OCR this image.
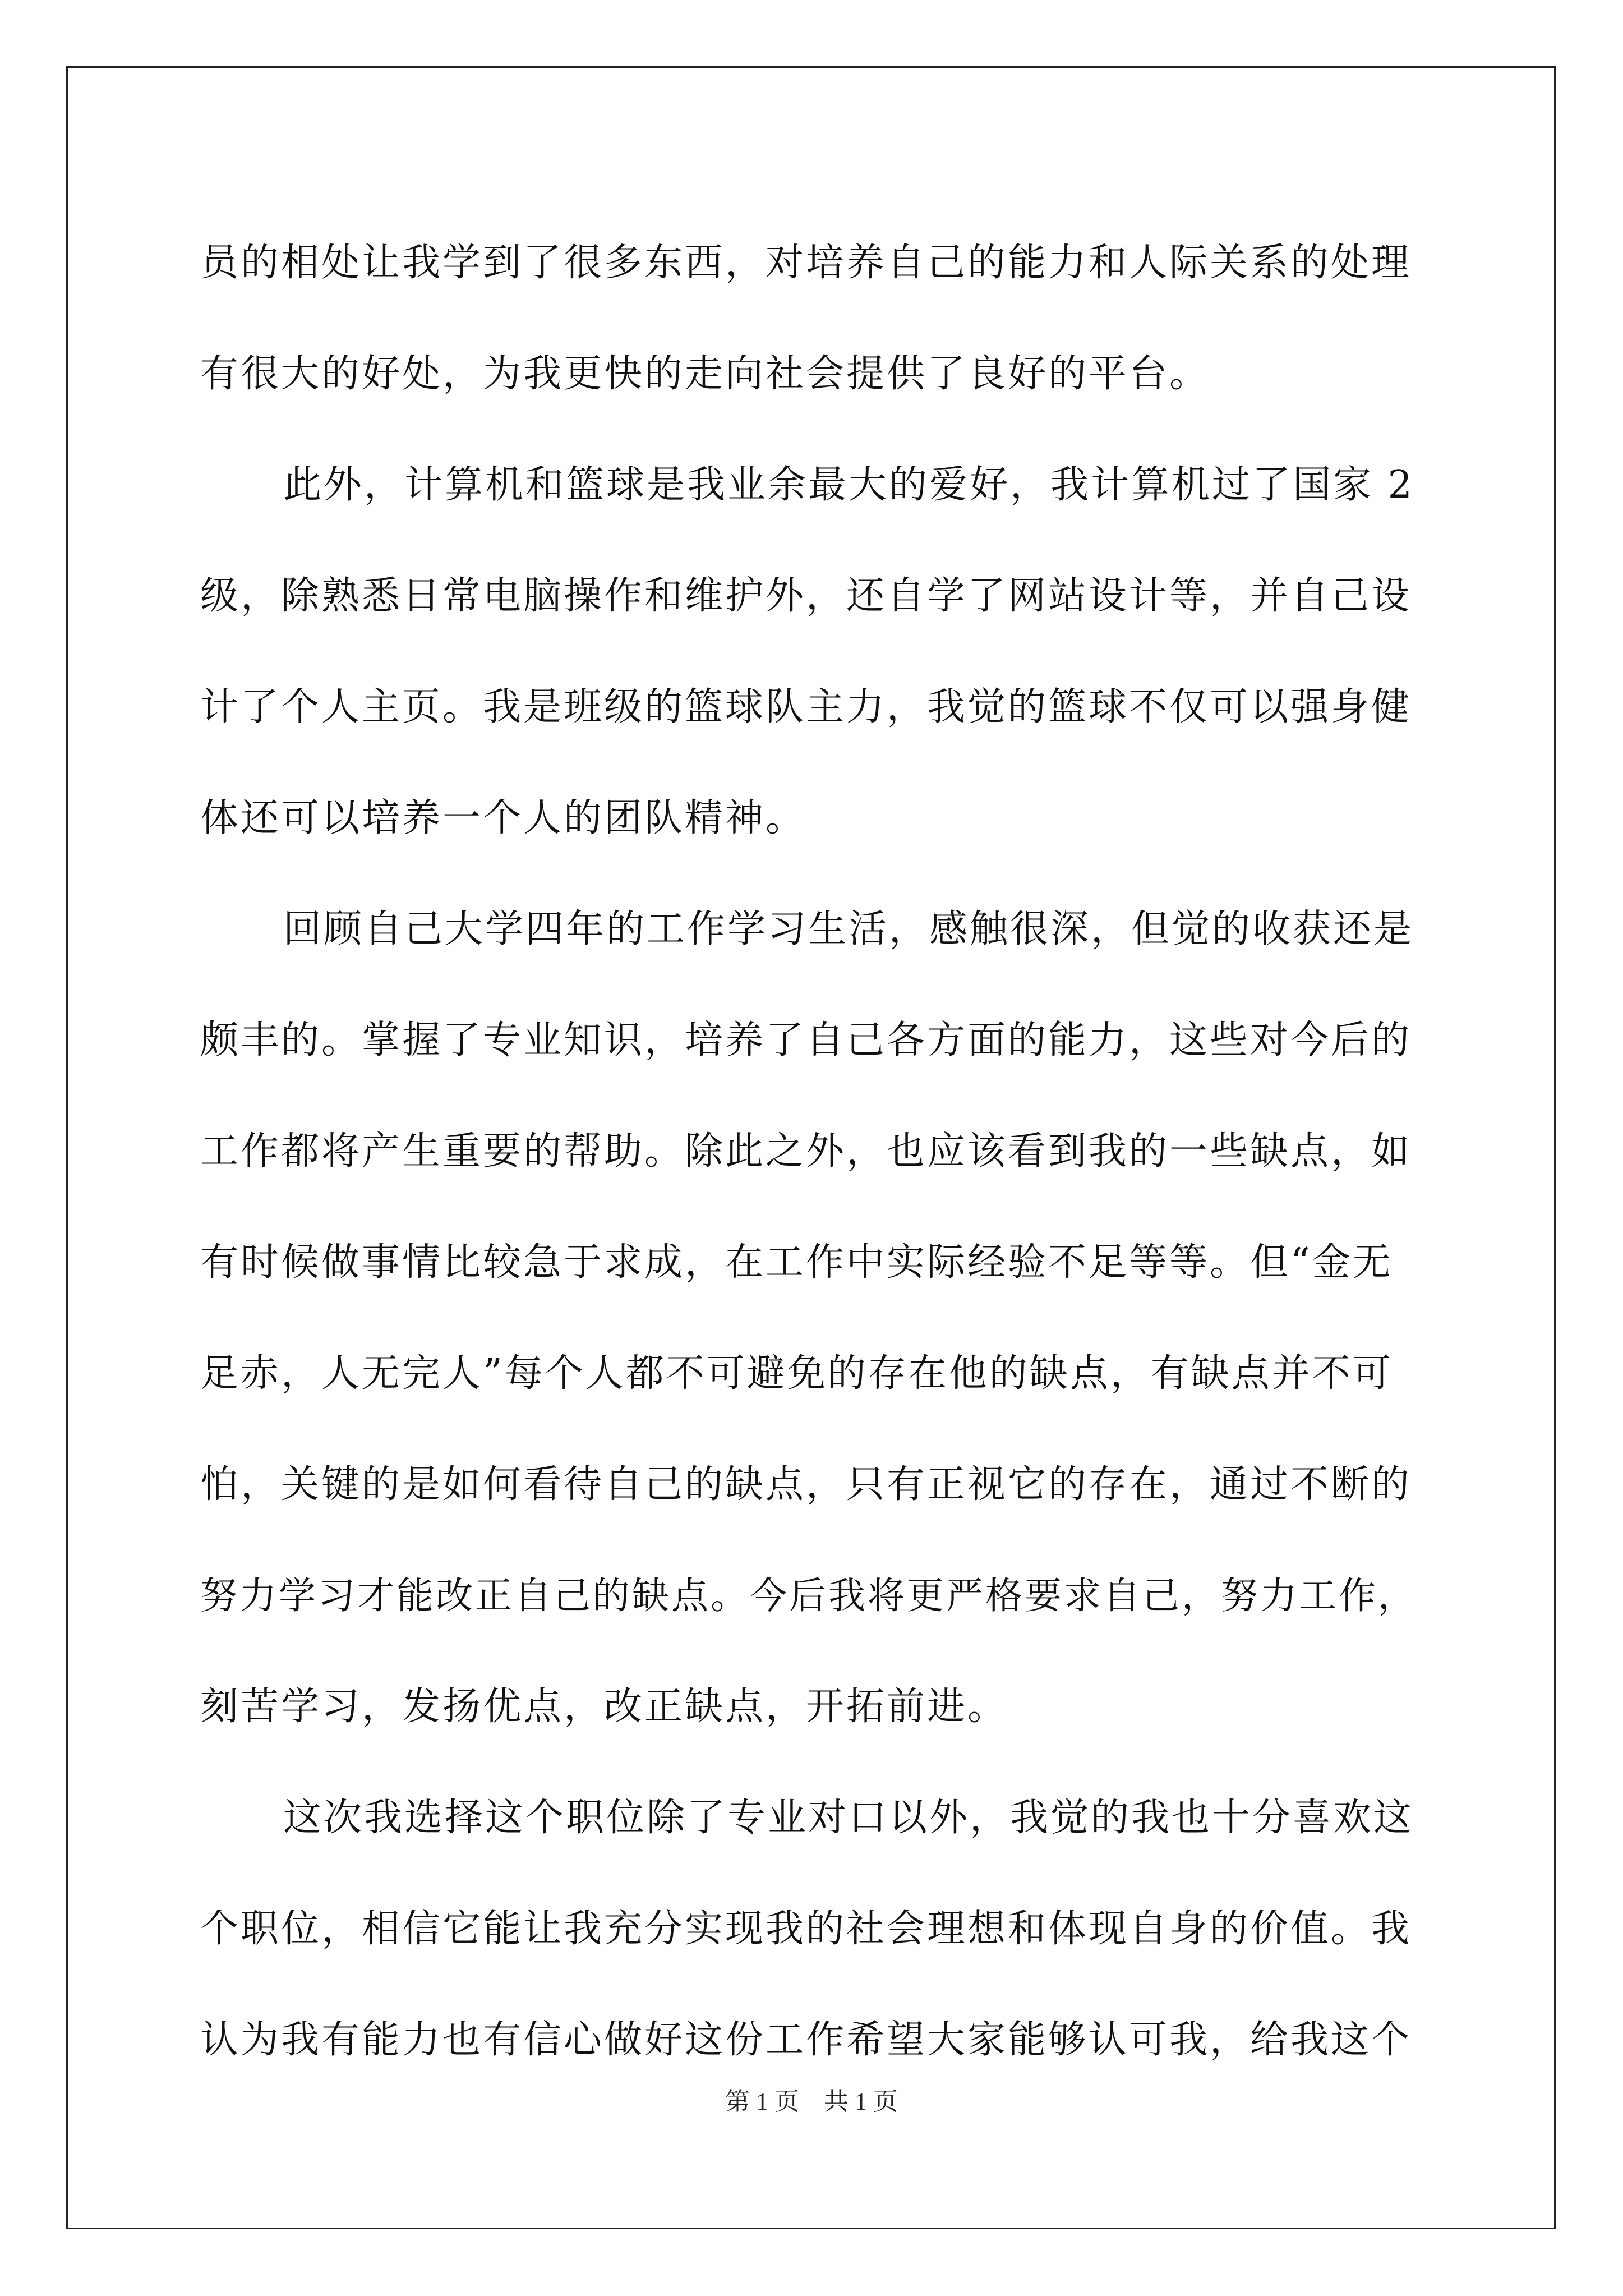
员的相处让我学到了很多东西，对培养自己的能力和人际关系的处理
有很大的好处，为我更快的走向社会提供了良好的平台。
此外，计算机和篮球是我业余最大的爱好，我计算机过了国家 2
级，除熟悉日常电脑操作和维护外，还自学了网站设计等，并自己设
计了个人主页。我是班级的篮球队主力，我觉的篮球不仅可以强身健
体还可以培养一个人的团队精神。
回顾自己大学四年的工作学习生活，感触很深，但觉的收获还是
颇丰的。掌握了专业知识，培养了自己各方面的能力，这些对今后的
工作都将产生重要的帮助。除此之外，也应该看到我的一些缺点，如
有时候做事情比较急于求成，在工作中实际经验不足等等。但“金无
足赤，人无完人”每个人都不可避免的存在他的缺点，有缺点并不可
怕，关键的是如何看待自己的缺点，只有正视它的存在，通过不断的
努力学习才能改正自己的缺点。今后我将更严格要求自己，努力工作，
刻苦学习，发扬优点，改正缺点，开拓前进。
这次我选择这个职位除了专业对口以外，我觉的我也十分喜欢这
个职位，相信它能让我充分实现我的社会理想和体现自身的价值。我
认为我有能力也有信心做好这份工作希望大家能够认可我，给我这个
第 1 页　共 1 页
